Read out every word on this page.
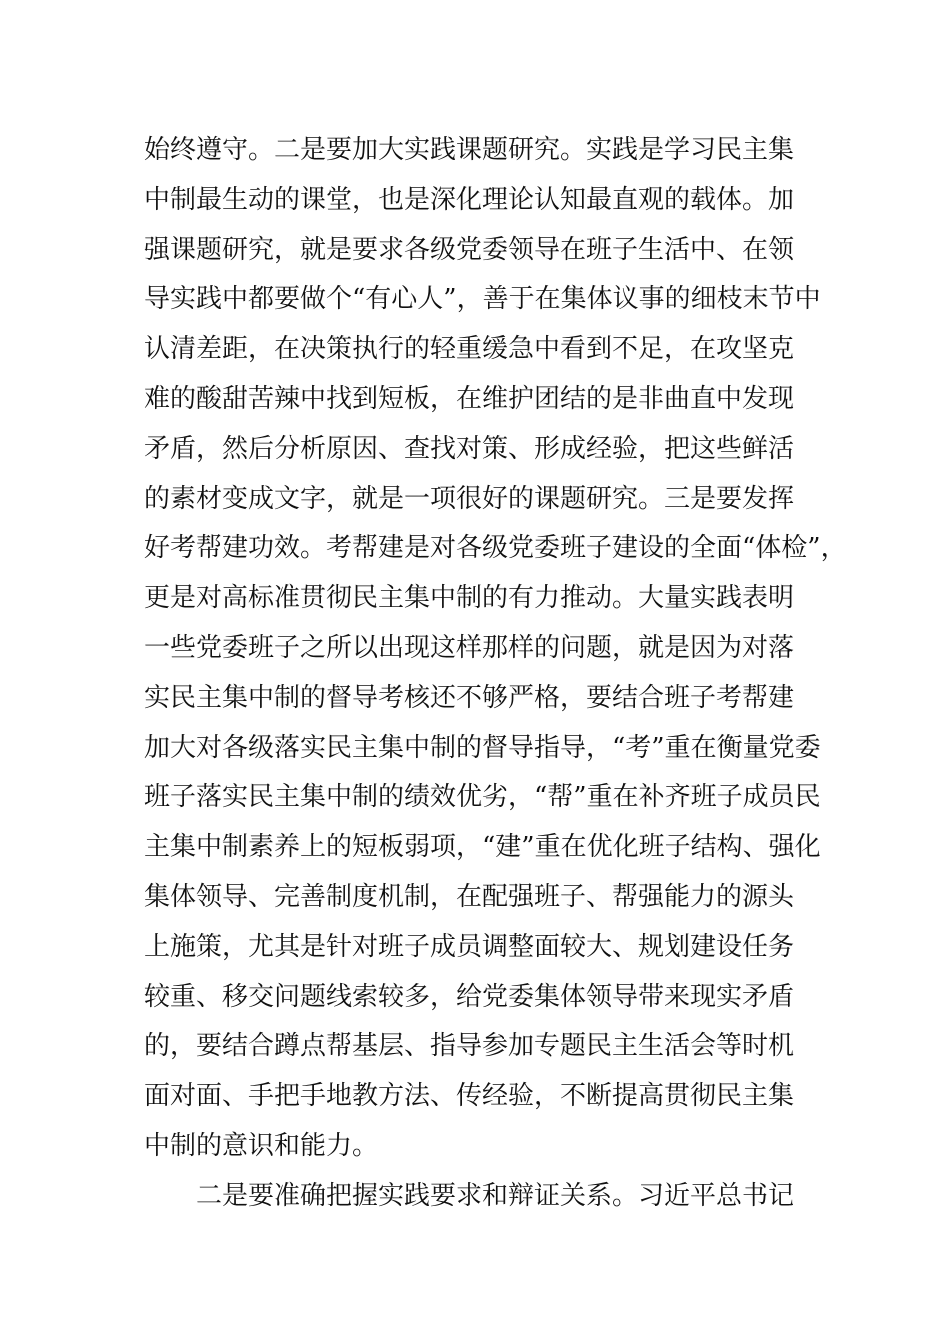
始终遵守。二是要加大实践课题研究。实践是学习民主集
中制最生动的课堂，也是深化理论认知最直观的载体。加
强课题研究，就是要求各级党委领导在班子生活中、在领
导实践中都要做个“有心人”，善于在集体议事的细枝末节中
认清差距，在决策执行的轻重缓急中看到不足，在攻坚克
难的酸甜苦辣中找到短板，在维护团结的是非曲直中发现
矛盾，然后分析原因、查找对策、形成经验，把这些鲜活
的素材变成文字，就是一项很好的课题研究。三是要发挥
好考帮建功效。考帮建是对各级党委班子建设的全面“体检”，
更是对高标准贯彻民主集中制的有力推动。大量实践表明
一些党委班子之所以出现这样那样的问题，就是因为对落
实民主集中制的督导考核还不够严格，要结合班子考帮建
加大对各级落实民主集中制的督导指导，“考”重在衡量党委
班子落实民主集中制的绩效优劣，“帮”重在补齐班子成员民
主集中制素养上的短板弱项，“建”重在优化班子结构、强化
集体领导、完善制度机制，在配强班子、帮强能力的源头
上施策，尤其是针对班子成员调整面较大、规划建设任务
较重、移交问题线索较多，给党委集体领导带来现实矛盾
的，要结合蹲点帮基层、指导参加专题民主生活会等时机
面对面、手把手地教方法、传经验，不断提高贯彻民主集
中制的意识和能力。
二是要准确把握实践要求和辩证关系。习近平总书记
